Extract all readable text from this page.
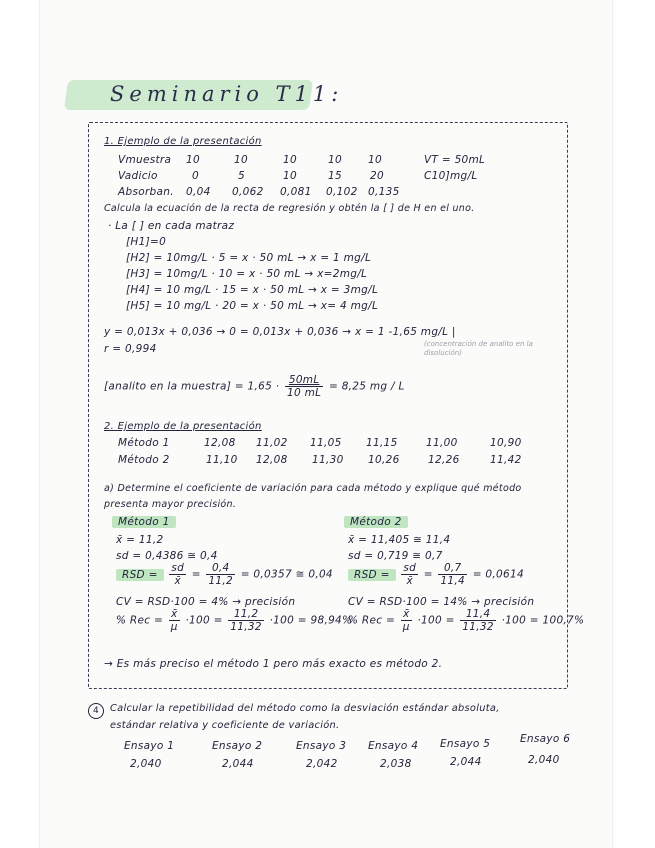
Seminario T11:
1. Ejemplo de la presentación
Vmuestra 10	10	10	10 10	VT = 50mL
Vadicio	0	5	10	15	20	C10]mg/L
Absorban. 0,04 0,062 0,081 0,102 0,135
Calcula la ecuación de la recta de regresión y obtén la [ ] de H en el uno.
· La [ ] en cada matraz
[H1]=0
[H2] = 10mg/L · 5 = x · 50 mL → x = 1 mg/L
[H3] = 10mg/L · 10 = x · 50 mL → x=2mg/L
[H4] = 10 mg/L · 15 = x · 50 mL → x = 3mg/L
[H5] = 10 mg/L · 20 = x · 50 mL → x= 4 mg/L
y = 0,013x + 0,036 → 0 = 0,013x + 0,036 → x = 1 -1,65 mg/L |
r = 0,994	(concentración de analito en la disolución)
[analito en la muestra] = $1,65 \cdot \frac{50mL}{10 mL} = 8,25$ mg / L
2. Ejemplo de la presentación
Método 1	12,08 11,02 11,05 11,15	11,00	10,90
Método 2	11,10 12,08 11,30 10,26	12,26	11,42
a) Determine el coeficiente de variación para cada método y explique qué método
presenta mayor precisión.
Método 1
x̄ = 11,2
sd = 0,4386 ≅ 0,4
RSD = $\frac{sd}{x̄} = \frac{0,4}{11,2} = 0,0357$ ≅ 0,04
CV = RSD·100 = 4% → precisión
% Rec = $\frac{x̄}{\mu} \cdot 100 = \frac{11,2}{11,32} \cdot 100 = 98,94\%$
Método 2
x̄ = 11,405 ≅ 11,4
sd = 0,719 ≅ 0,7
RSD = $\frac{sd}{x̄} = \frac{0,7}{11,4} = 0,0614$
CV = RSD·100 = 14% → precisión
% Rec = $\frac{x̄}{\mu} \cdot 100 = \frac{11,4}{11,32} \cdot 100 = 100,7\%$
→ Es más preciso el método 1 pero más exacto es método 2.
4	Calcular la repetibilidad del método como la desviación estándar absoluta,
estándar relativa y coeficiente de variación.
Ensayo 1	Ensayo 2	Ensayo 3 Ensayo 4 Ensayo 5	Ensayo 6
2,040	2,044	2,042	2,038	2,044	2,040
